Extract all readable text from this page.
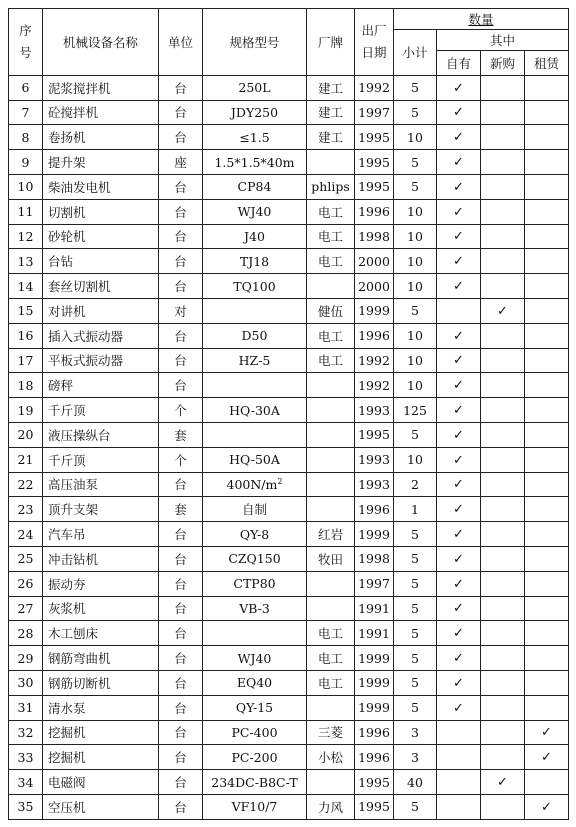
序号	机械设备名称	单位	规格型号	厂牌	出厂日期	数量			
						小计	其中		
							自有	新购	租赁
6	泥浆搅拌机	台	250L	建工	1992	5	✓		
7	砼搅拌机	台	JDY250	建工	1997	5	✓		
8	卷扬机	台	≤1.5	建工	1995	10	✓		
9	提升架	座	1.5*1.5*40m		1995	5	✓		
10	柴油发电机	台	CP84	phlips	1995	5	✓		
11	切割机	台	WJ40	电工	1996	10	✓		
12	砂轮机	台	J40	电工	1998	10	✓		
13	台钻	台	TJ18	电工	2000	10	✓		
14	套丝切割机	台	TQ100		2000	10	✓		
15	对讲机	对		健伍	1999	5		✓	
16	插入式振动器	台	D50	电工	1996	10	✓		
17	平板式振动器	台	HZ-5	电工	1992	10	✓		
18	磅秤	台			1992	10	✓		
19	千斤顶	个	HQ-30A		1993	125	✓		
20	液压操纵台	套			1995	5	✓		
21	千斤顶	个	HQ-50A		1993	10	✓		
22	高压油泵	台	$400N/m^2$		1993	2	✓		
23	顶升支架	套	自制		1996	1	✓		
24	汽车吊	台	QY-8	红岩	1999	5	✓		
25	冲击钻机	台	CZQ150	牧田	1998	5	✓		
26	振动夯	台	CTP80		1997	5	✓		
27	灰浆机	台	VB-3		1991	5	✓		
28	木工刨床	台		电工	1991	5	✓		
29	钢筋弯曲机	台	WJ40	电工	1999	5	✓		
30	钢筋切断机	台	EQ40	电工	1999	5	✓		
31	清水泵	台	QY-15		1999	5	✓		
32	挖掘机	台	PC-400	三菱	1996	3			✓
33	挖掘机	台	PC-200	小松	1996	3			✓
34	电磁阀	台	234DC-B8C-T		1995	40		✓	
35	空压机	台	VF10/7	力风	1995	5			✓
